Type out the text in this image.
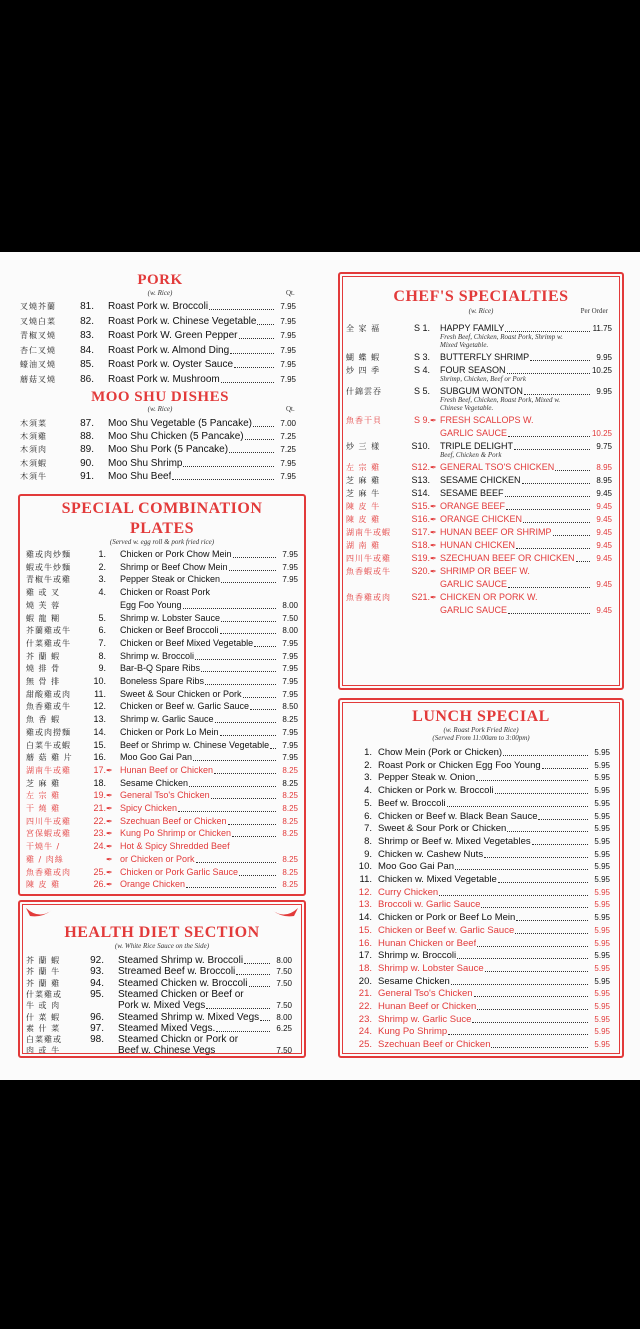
PORK
(w. Rice)	Qt.
叉燒芥蘭	81. Roast Pork w. Broccoli	7.95
叉燒白菜	82. Roast Pork w. Chinese Vegetable	7.95
青椒叉燒	83. Roast Pork W. Green Pepper	7.95
杏仁叉燒	84. Roast Pork w. Almond Ding	7.95
蠔油叉燒	85. Roast Pork w. Oyster Sauce	7.95
蘑菇叉燒	86. Roast Pork w. Mushroom	7.95
MOO SHU DISHES
(w. Rice)	Qt.
木須菜	87. Moo Shu Vegetable (5 Pancake)	7.00
木須雞	88. Moo Shu Chicken (5 Pancake)	7.25
木須肉	89. Moo Shu Pork (5 Pancake)	7.25
木須蝦	90. Moo Shu Shrimp	7.95
木須牛	91. Moo Shu Beef	7.95
SPECIAL COMBINATION
PLATES
(Served w. egg roll & pork fried rice)
雞或肉炒麵	1. Chicken or Pork Chow Mein	7.95
蝦或牛炒麵	2. Shrimp or Beef Chow Mein	7.95
青椒牛或雞	3. Pepper Steak or Chicken	7.95
雞 或 叉	4. Chicken or Roast Pork
燒 芙 蓉	Egg Foo Young	8.00
蝦 龍 糊	5. Shrimp w. Lobster Sauce	7.50
芥蘭雞或牛	6. Chicken or Beef Broccoli	8.00
什菜雞或牛	7. Chicken or Beef Mixed Vegetable	7.95
芥 蘭 蝦	8. Shrimp w. Broccoli	7.95
燒 排 骨	9. Bar-B-Q Spare Ribs	7.95
無 骨 排	10. Boneless Spare Ribs	7.95
甜酸雞或肉	11. Sweet & Sour Chicken or Pork	7.95
魚香雞或牛	12. Chicken or Beef w. Garlic Sauce	8.50
魚 香 蝦	13. Shrimp w. Garlic Sauce	8.25
雞或肉撈麵	14. Chicken or Pork Lo Mein	7.95
白菜牛或蝦	15. Beef or Shrimp w. Chinese Vegetable 7.95
蘑 菇 雞 片	16. Moo Goo Gai Pan	7.95
湖南牛或雞	17. ✒ Hunan Beef or Chicken	8.25
芝 麻 雞	18. Sesame Chicken	8.25
左 宗 雞	19. ✒ General Tso's Chicken	8.25
干 燒 雞	21. ✒ Spicy Chicken	8.25
四川牛或雞	22. ✒ Szechuan Beef or Chicken	8.25
宮保蝦或雞	23. ✒ Kung Po Shrimp or Chicken	8.25
干燒牛 /	24. ✒ Hot & Spicy Shredded Beef
雞 / 肉絲	✒ or Chicken or Pork	8.25
魚香雞或肉	25. ✒ Chicken or Pork Garlic Sauce	8.25
陳 皮 雞	26. ✒ Orange Chicken	8.25
HEALTH DIET SECTION
(w. White Rice Sauce on the Side)
芥 蘭 蝦	92. Steamed Shrimp w. Broccoli	8.00
芥 蘭 牛	93. Streamed Beef w. Broccoli	7.50
芥 蘭 雞	94. Steamed Chicken w. Broccoli	7.50
什菜雞或	95. Steamed Chicken or Beef or
牛 或 肉	Pork w. Mixed Vegs	7.50
什 菜 蝦	96. Steamed Shrimp w. Mixed Vegs 8.00
素 什 菜	97. Steamed Mixed Vegs.	6.25
白菜雞或	98. Steamed Chickn or Pork or
肉 或 牛	Beef w. Chinese Vegs	7.50
CHEF'S SPECIALTIES
(w. Rice)	Per Order
全 家 福	S 1. HAPPY FAMILY	11.75
Fresh Beef, Chicken, Roast Pork, Shrimp w. Mixed Vegetable.
蝴 蝶 蝦	S 3. BUTTERFLY SHRIMP	9.95
炒 四 季	S 4. FOUR SEASON	10.25
Shrimp, Chicken, Beef or Pork
什錦雲吞	S 5. SUBGUM WONTON	9.95
Fresh Beef, Chicken, Roast Pork, Mixed w. Chinese Vegetable.
魚香干貝	S 9. ✒ FRESH SCALLOPS W.
GARLIC SAUCE	10.25
炒 三 樣	S10. TRIPLE DELIGHT	9.75
Beef, Chicken & Pork
左 宗 雞	S12. ✒ GENERAL TSO'S CHICKEN	8.95
芝 麻 雞	S13. SESAME CHICKEN	8.95
芝 麻 牛	S14. SESAME BEEF	9.45
陳 皮 牛	S15. ✒ ORANGE BEEF	9.45
陳 皮 雞	S16. ✒ ORANGE CHICKEN	9.45
湖南牛或蝦	S17. ✒ HUNAN BEEF OR SHRIMP	9.45
湖 南 雞	S18. ✒ HUNAN CHICKEN	9.45
四川牛或雞	S19. ✒ SZECHUAN BEEF OR CHICKEN	9.45
魚香蝦或牛	S20. ✒ SHRIMP OR BEEF W.
GARLIC SAUCE	9.45
魚香雞或肉	S21. ✒ CHICKEN OR PORK W.
GARLIC SAUCE	9.45
LUNCH SPECIAL
(w. Roast Pork Fried Rice)
(Served From 11:00am to 3:00pm)
1. Chow Mein (Pork or Chicken)	5.95
2. Roast Pork or Chicken Egg Foo Young	5.95
3. Pepper Steak w. Onion	5.95
4. Chicken or Pork w. Broccoli	5.95
5. Beef w. Broccoli	5.95
6. Chicken or Beef w. Black Bean Sauce	5.95
7. Sweet & Sour Pork or Chicken	5.95
8. Shrimp or Beef w. Mixed Vegetables	5.95
9. Chicken w. Cashew Nuts	5.95
10. Moo Goo Gai Pan	5.95
11. Chicken w. Mixed Vegetable	5.95
12. Curry Chicken	5.95
13. Broccoli w. Garlic Sauce	5.95
14. Chicken or Pork or Beef Lo Mein	5.95
15. Chicken or Beef w. Garlic Sauce	5.95
16. Hunan Chicken or Beef	5.95
17. Shrimp w. Broccoli	5.95
18. Shrimp w. Lobster Sauce	5.95
20. Sesame Chicken	5.95
21. General Tso's Chicken	5.95
22. Hunan Beef or Chicken	5.95
23. Shrimp w. Garlic Suce	5.95
24. Kung Po Shrimp	5.95
25. Szechuan Beef or Chicken	5.95
